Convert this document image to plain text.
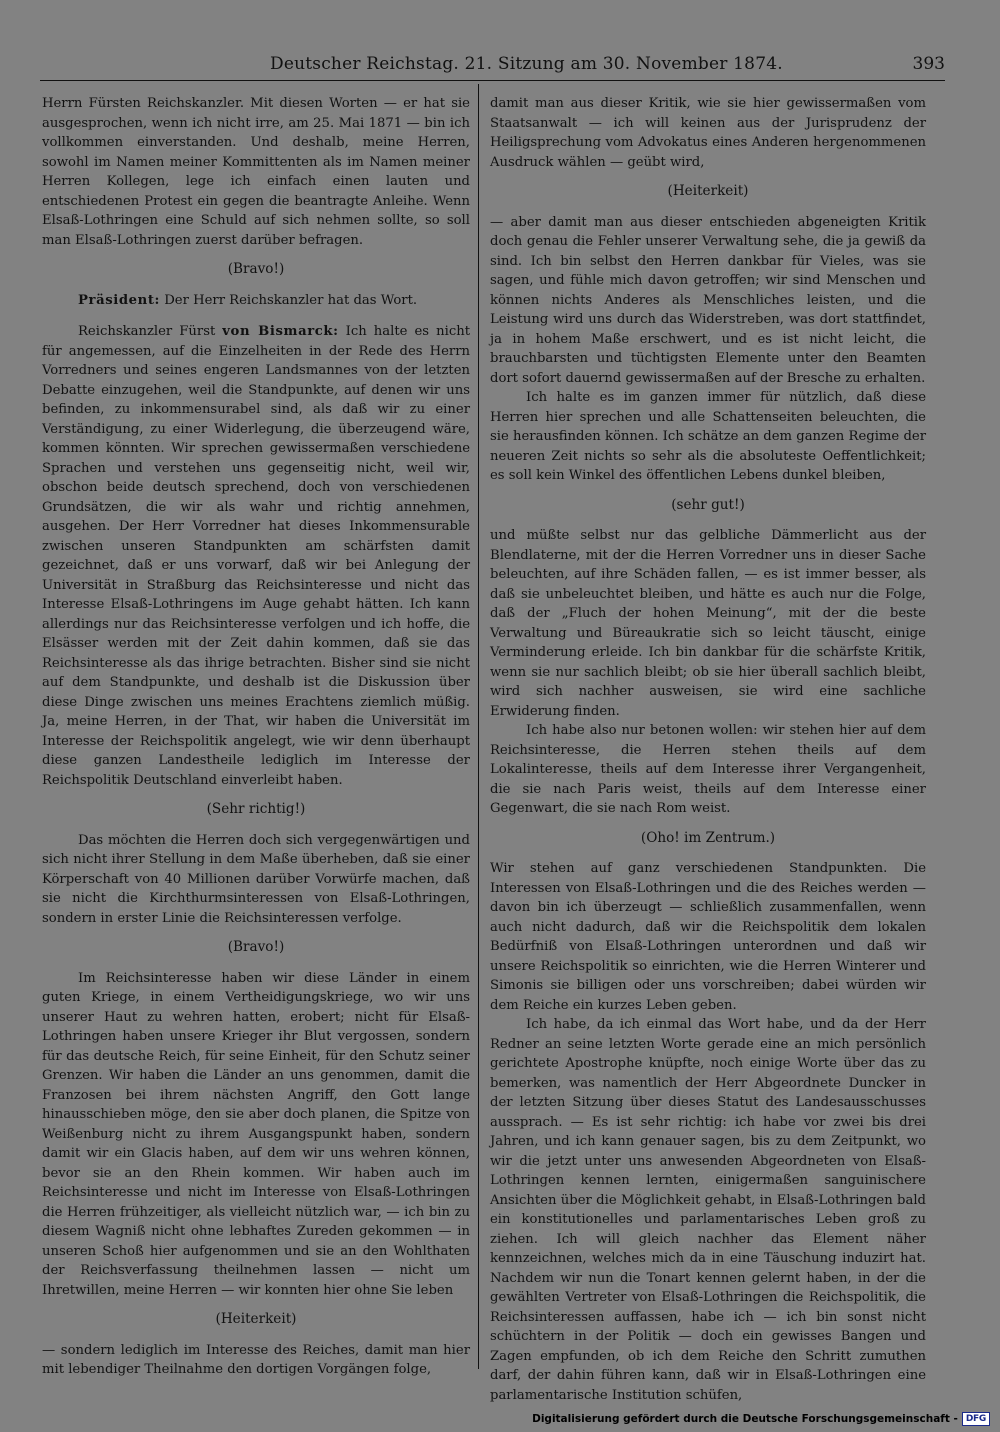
Deutscher Reichstag. 21. Sitzung am 30. November 1874.	393

Herrn Fürsten Reichskanzler. Mit diesen Worten — er hat sie ausgesprochen, wenn ich nicht irre, am 25. Mai 1871 — bin ich vollkommen einverstanden. Und deshalb, meine Herren, sowohl im Namen meiner Kommittenten als im Namen meiner Herren Kollegen, lege ich einfach einen lauten und entschiedenen Protest ein gegen die beantragte Anleihe. Wenn Elsaß-Lothringen eine Schuld auf sich nehmen sollte, so soll man Elsaß-Lothringen zuerst darüber befragen.

(Bravo!)

Präsident: Der Herr Reichskanzler hat das Wort.

Reichskanzler Fürst von Bismarck: Ich halte es nicht für angemessen, auf die Einzelheiten in der Rede des Herrn Vorredners und seines engeren Landsmannes von der letzten Debatte einzugehen, weil die Standpunkte, auf denen wir uns befinden, zu inkommensurabel sind, als daß wir zu einer Verständigung, zu einer Widerlegung, die überzeugend wäre, kommen könnten. Wir sprechen gewissermaßen verschiedene Sprachen und verstehen uns gegenseitig nicht, weil wir, obschon beide deutsch sprechend, doch von verschiedenen Grundsätzen, die wir als wahr und richtig annehmen, ausgehen. Der Herr Vorredner hat dieses Inkommensurable zwischen unseren Standpunkten am schärfsten damit gezeichnet, daß er uns vorwarf, daß wir bei Anlegung der Universität in Straßburg das Reichsinteresse und nicht das Interesse Elsaß-Lothringens im Auge gehabt hätten. Ich kann allerdings nur das Reichsinteresse verfolgen und ich hoffe, die Elsässer werden mit der Zeit dahin kommen, daß sie das Reichsinteresse als das ihrige betrachten. Bisher sind sie nicht auf dem Standpunkte, und deshalb ist die Diskussion über diese Dinge zwischen uns meines Erachtens ziemlich müßig. Ja, meine Herren, in der That, wir haben die Universität im Interesse der Reichspolitik angelegt, wie wir denn überhaupt diese ganzen Landestheile lediglich im Interesse der Reichspolitik Deutschland einverleibt haben.

(Sehr richtig!)

Das möchten die Herren doch sich vergegenwärtigen und sich nicht ihrer Stellung in dem Maße überheben, daß sie einer Körperschaft von 40 Millionen darüber Vorwürfe machen, daß sie nicht die Kirchthurmsinteressen von Elsaß-Lothringen, sondern in erster Linie die Reichsinteressen verfolge.

(Bravo!)

Im Reichsinteresse haben wir diese Länder in einem guten Kriege, in einem Vertheidigungskriege, wo wir uns unserer Haut zu wehren hatten, erobert; nicht für Elsaß-Lothringen haben unsere Krieger ihr Blut vergossen, sondern für das deutsche Reich, für seine Einheit, für den Schutz seiner Grenzen. Wir haben die Länder an uns genommen, damit die Franzosen bei ihrem nächsten Angriff, den Gott lange hinausschieben möge, den sie aber doch planen, die Spitze von Weißenburg nicht zu ihrem Ausgangspunkt haben, sondern damit wir ein Glacis haben, auf dem wir uns wehren können, bevor sie an den Rhein kommen. Wir haben auch im Reichsinteresse und nicht im Interesse von Elsaß-Lothringen die Herren frühzeitiger, als vielleicht nützlich war, — ich bin zu diesem Wagniß nicht ohne lebhaftes Zureden gekommen — in unseren Schoß hier aufgenommen und sie an den Wohlthaten der Reichsverfassung theilnehmen lassen — nicht um Ihretwillen, meine Herren — wir konnten hier ohne Sie leben

(Heiterkeit)

— sondern lediglich im Interesse des Reiches, damit man hier mit lebendiger Theilnahme den dortigen Vorgängen folge,

damit man aus dieser Kritik, wie sie hier gewissermaßen vom Staatsanwalt — ich will keinen aus der Jurisprudenz der Heiligsprechung vom Advokatus eines Anderen hergenommenen Ausdruck wählen — geübt wird,

(Heiterkeit)

— aber damit man aus dieser entschieden abgeneigten Kritik doch genau die Fehler unserer Verwaltung sehe, die ja gewiß da sind. Ich bin selbst den Herren dankbar für Vieles, was sie sagen, und fühle mich davon getroffen; wir sind Menschen und können nichts Anderes als Menschliches leisten, und die Leistung wird uns durch das Widerstreben, was dort stattfindet, ja in hohem Maße erschwert, und es ist nicht leicht, die brauchbarsten und tüchtigsten Elemente unter den Beamten dort sofort dauernd gewissermaßen auf der Bresche zu erhalten.

Ich halte es im ganzen immer für nützlich, daß diese Herren hier sprechen und alle Schattenseiten beleuchten, die sie herausfinden können. Ich schätze an dem ganzen Regime der neueren Zeit nichts so sehr als die absoluteste Oeffentlichkeit; es soll kein Winkel des öffentlichen Lebens dunkel bleiben,

(sehr gut!)

und müßte selbst nur das gelbliche Dämmerlicht aus der Blendlaterne, mit der die Herren Vorredner uns in dieser Sache beleuchten, auf ihre Schäden fallen, — es ist immer besser, als daß sie unbeleuchtet bleiben, und hätte es auch nur die Folge, daß der „Fluch der hohen Meinung“, mit der die beste Verwaltung und Büreaukratie sich so leicht täuscht, einige Verminderung erleide. Ich bin dankbar für die schärfste Kritik, wenn sie nur sachlich bleibt; ob sie hier überall sachlich bleibt, wird sich nachher ausweisen, sie wird eine sachliche Erwiderung finden.

Ich habe also nur betonen wollen: wir stehen hier auf dem Reichsinteresse, die Herren stehen theils auf dem Lokalinteresse, theils auf dem Interesse ihrer Vergangenheit, die sie nach Paris weist, theils auf dem Interesse einer Gegenwart, die sie nach Rom weist.

(Oho! im Zentrum.)

Wir stehen auf ganz verschiedenen Standpunkten. Die Interessen von Elsaß-Lothringen und die des Reiches werden — davon bin ich überzeugt — schließlich zusammenfallen, wenn auch nicht dadurch, daß wir die Reichspolitik dem lokalen Bedürfniß von Elsaß-Lothringen unterordnen und daß wir unsere Reichspolitik so einrichten, wie die Herren Winterer und Simonis sie billigen oder uns vorschreiben; dabei würden wir dem Reiche ein kurzes Leben geben.

Ich habe, da ich einmal das Wort habe, und da der Herr Redner an seine letzten Worte gerade eine an mich persönlich gerichtete Apostrophe knüpfte, noch einige Worte über das zu bemerken, was namentlich der Herr Abgeordnete Duncker in der letzten Sitzung über dieses Statut des Landesausschusses aussprach. — Es ist sehr richtig: ich habe vor zwei bis drei Jahren, und ich kann genauer sagen, bis zu dem Zeitpunkt, wo wir die jetzt unter uns anwesenden Abgeordneten von Elsaß-Lothringen kennen lernten, einigermaßen sanguinischere Ansichten über die Möglichkeit gehabt, in Elsaß-Lothringen bald ein konstitutionelles und parlamentarisches Leben groß zu ziehen. Ich will gleich nachher das Element näher kennzeichnen, welches mich da in eine Täuschung induzirt hat. Nachdem wir nun die Tonart kennen gelernt haben, in der die gewählten Vertreter von Elsaß-Lothringen die Reichspolitik, die Reichsinteressen auffassen, habe ich — ich bin sonst nicht schüchtern in der Politik — doch ein gewisses Bangen und Zagen empfunden, ob ich dem Reiche den Schritt zumuthen darf, der dahin führen kann, daß wir in Elsaß-Lothringen eine parlamentarische Institution schüfen,

Digitalisierung gefördert durch die Deutsche Forschungsgemeinschaft - DFG
